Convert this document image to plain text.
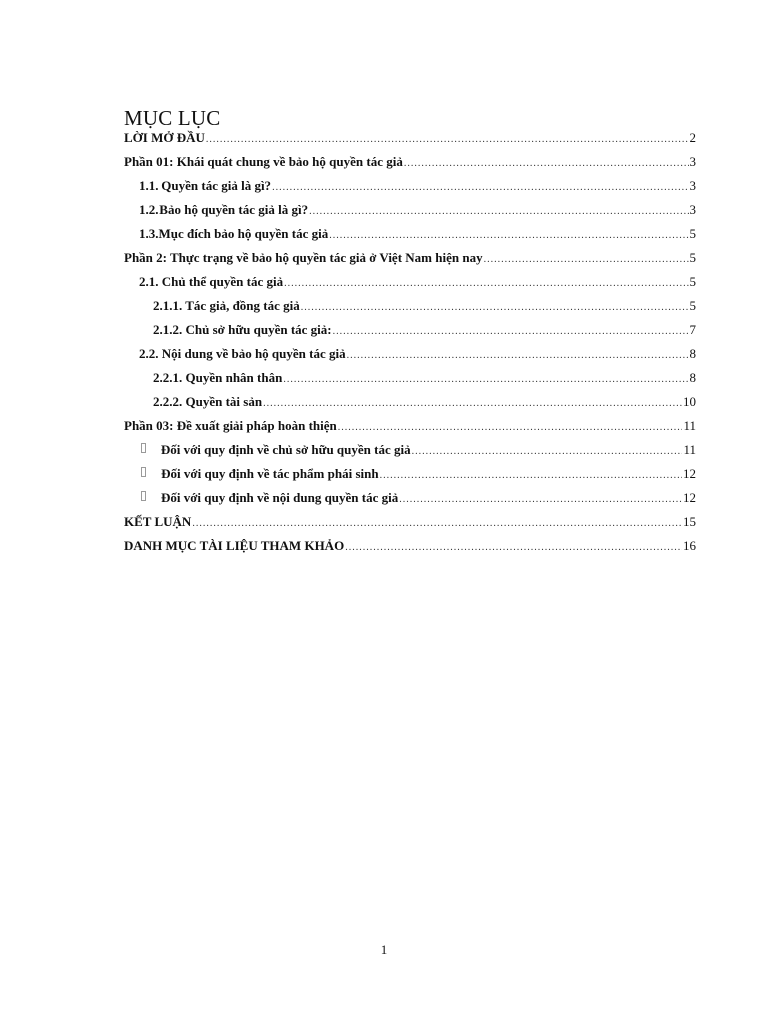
MỤC LỤC
LỜI MỞ ĐẦU .....	2
Phần 01: Khái quát chung về bảo hộ quyền tác giả .....	3
1.1. Quyền tác giả là gì? .....	3
1.2. Bảo hộ quyền tác giả là gì? .....	3
1.3. Mục đích bảo hộ quyền tác giả .....	5
Phần 2: Thực trạng về bảo hộ quyền tác giả ở Việt Nam hiện nay .....	5
2.1. Chủ thể quyền tác giả .....	5
2.1.1. Tác giả, đồng tác giả .....	5
2.1.2. Chủ sở hữu quyền tác giả: .....	7
2.2. Nội dung về bảo hộ quyền tác giả .....	8
2.2.1. Quyền nhân thân .....	8
2.2.2. Quyền tài sản .....	10
Phần 03: Đề xuất giải pháp hoàn thiện .....	11
Đối với quy định về chủ sở hữu quyền tác giả .....	11
Đối với quy định về tác phẩm phái sinh .....	12
Đối với quy định về nội dung quyền tác giả .....	12
KẾT LUẬN .....	15
DANH MỤC TÀI LIỆU THAM KHẢO .....	16
1
